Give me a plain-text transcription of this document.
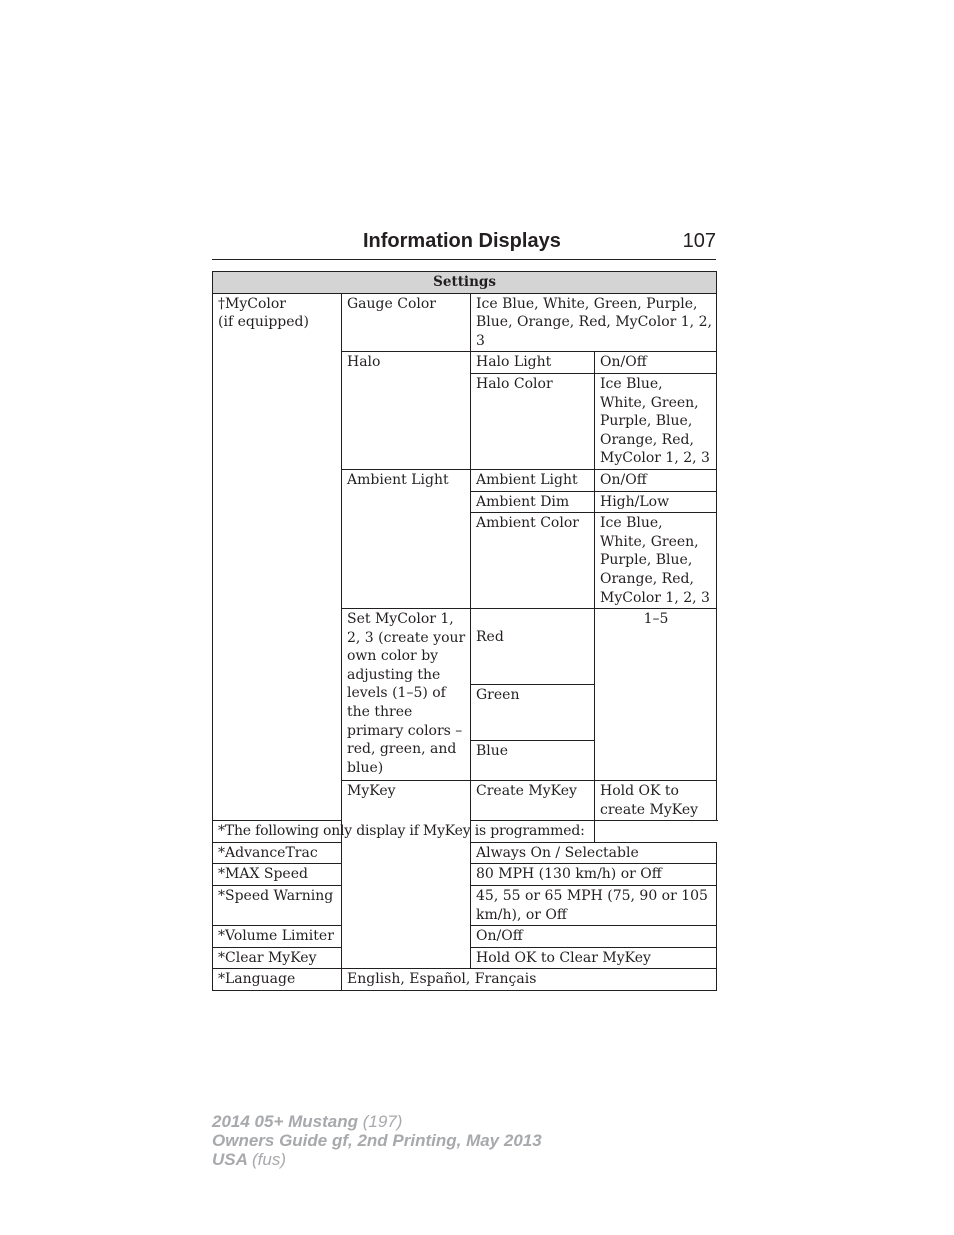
Information Displays	107
Settings			
†MyColor
(if equipped)	Gauge Color	Ice Blue, White, Green, Purple, Blue, Orange, Red, MyColor 1, 2, 3	
	Halo	Halo Light	On/Off
		Halo Color	Ice Blue, White, Green, Purple, Blue, Orange, Red, MyColor 1, 2, 3
	Ambient Light	Ambient Light	On/Off
		Ambient Dim	High/Low
		Ambient Color	Ice Blue, White, Green, Purple, Blue, Orange, Red, MyColor 1, 2, 3
	Set MyColor 1, 2, 3 (create your own color by adjusting the levels (1–5) of the three primary colors – red, green, and blue)	Red	1–5
		Green	
		Blue	
	MyKey	Create MyKey	Hold OK to create MyKey
*The following only display if MyKey is programmed:			
*AdvanceTrac		Always On / Selectable	
*MAX Speed		80 MPH (130 km/h) or Off	
*Speed Warning		45, 55 or 65 MPH (75, 90 or 105 km/h), or Off	
*Volume Limiter		On/Off	
*Clear MyKey		Hold OK to Clear MyKey	
*Language	English, Español, Français		
2014 05+ Mustang (197)
Owners Guide gf, 2nd Printing, May 2013
USA (fus)
